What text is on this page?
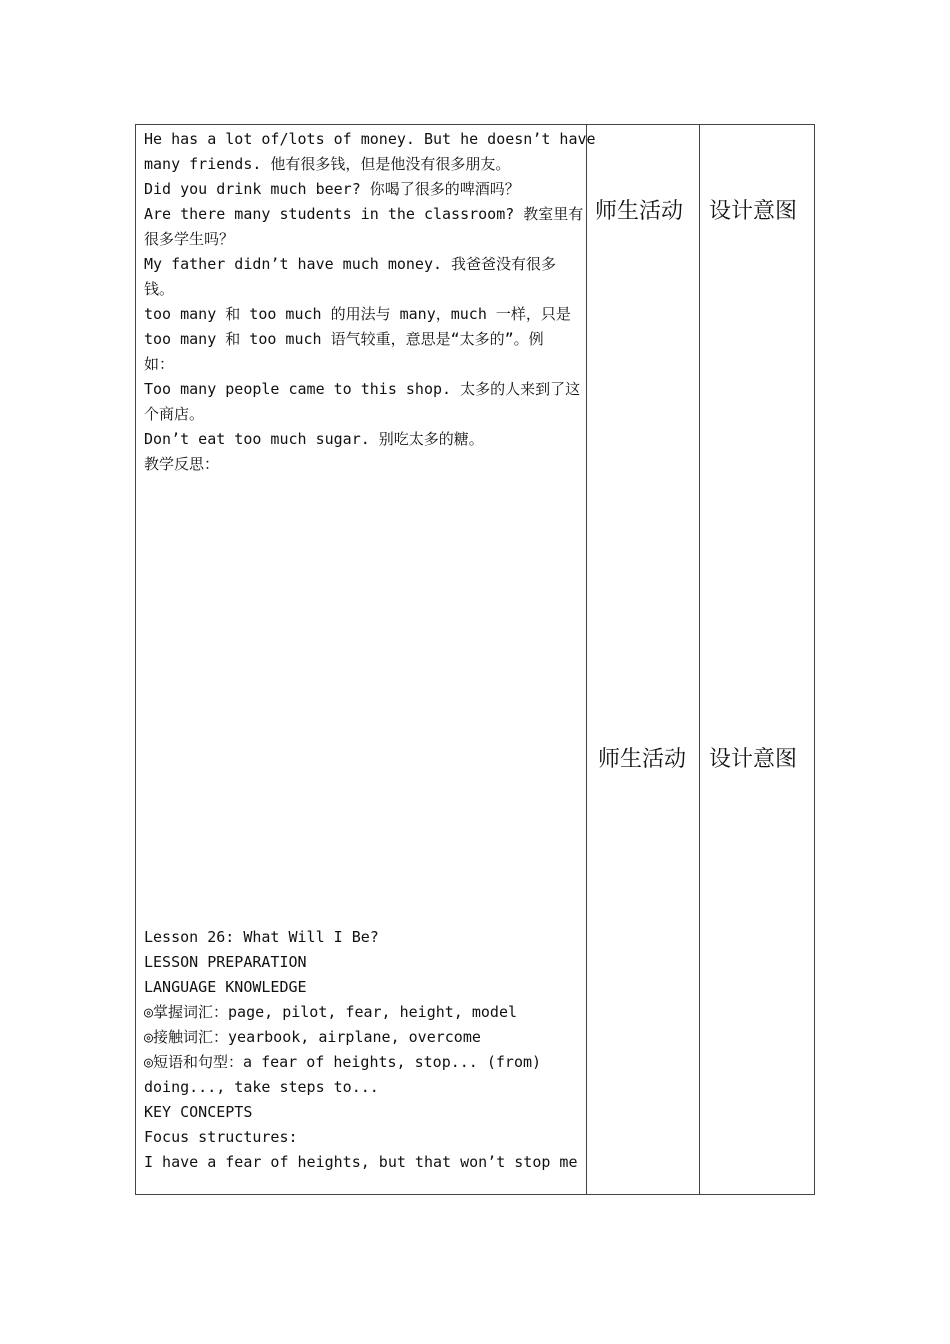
He has a lot of/lots of money. But he doesn’t have
many friends. 他有很多钱，但是他没有很多朋友。
Did you drink much beer? 你喝了很多的啤酒吗？
Are there many students in the classroom? 教室里有
很多学生吗？
My father didn’t have much money. 我爸爸没有很多
钱。
too many 和 too much 的用法与 many，much 一样，只是
too many 和 too much 语气较重，意思是“太多的”。例
如：
Too many people came to this shop. 太多的人来到了这
个商店。
Don’t eat too much sugar. 别吃太多的糖。
教学反思：
Lesson 26: What Will I Be?
LESSON PREPARATION
LANGUAGE KNOWLEDGE
◎掌握词汇：page, pilot, fear, height, model
◎接触词汇：yearbook, airplane, overcome
◎短语和句型：a fear of heights, stop... (from)
doing..., take steps to...
KEY CONCEPTS
Focus structures:
I have a fear of heights, but that won’t stop me
师生活动 设计意图
师生活动 设计意图
